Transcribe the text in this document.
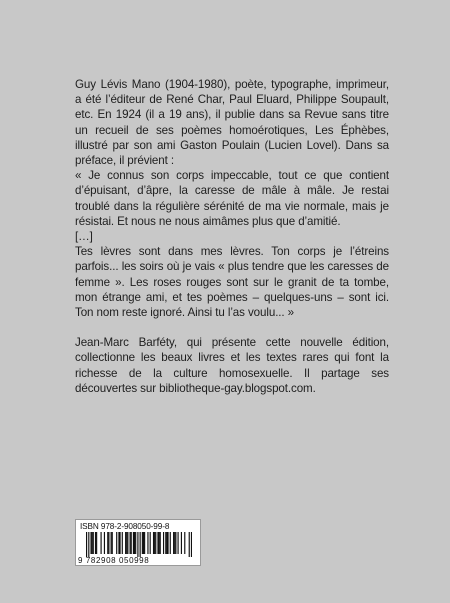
Guy Lévis Mano (1904-1980), poète, typographe, imprimeur, a été l’éditeur de René Char, Paul Eluard, Philippe Soupault, etc. En 1924 (il a 19 ans), il publie dans sa Revue sans titre un recueil de ses poèmes homoérotiques, Les Éphèbes, illustré par son ami Gaston Poulain (Lucien Lovel). Dans sa préface, il prévient :

« Je connus son corps impeccable, tout ce que contient d’épuisant, d’âpre, la caresse de mâle à mâle. Je restai troublé dans la régulière sérénité de ma vie normale, mais je résistai. Et nous ne nous aimâmes plus que d’amitié.

[…]

Tes lèvres sont dans mes lèvres. Ton corps je l’étreins parfois... les soirs où je vais « plus tendre que les caresses de femme ». Les roses rouges sont sur le granit de ta tombe, mon étrange ami, et tes poèmes – quelques-uns – sont ici. Ton nom reste ignoré. Ainsi tu l’as voulu... »

Jean-Marc Barféty, qui présente cette nouvelle édition, collectionne les beaux livres et les textes rares qui font la richesse de la culture homosexuelle. Il partage ses découvertes sur bibliotheque-gay.blogspot.com.

ISBN 978-2-908050-99-8
9 782908 050998
